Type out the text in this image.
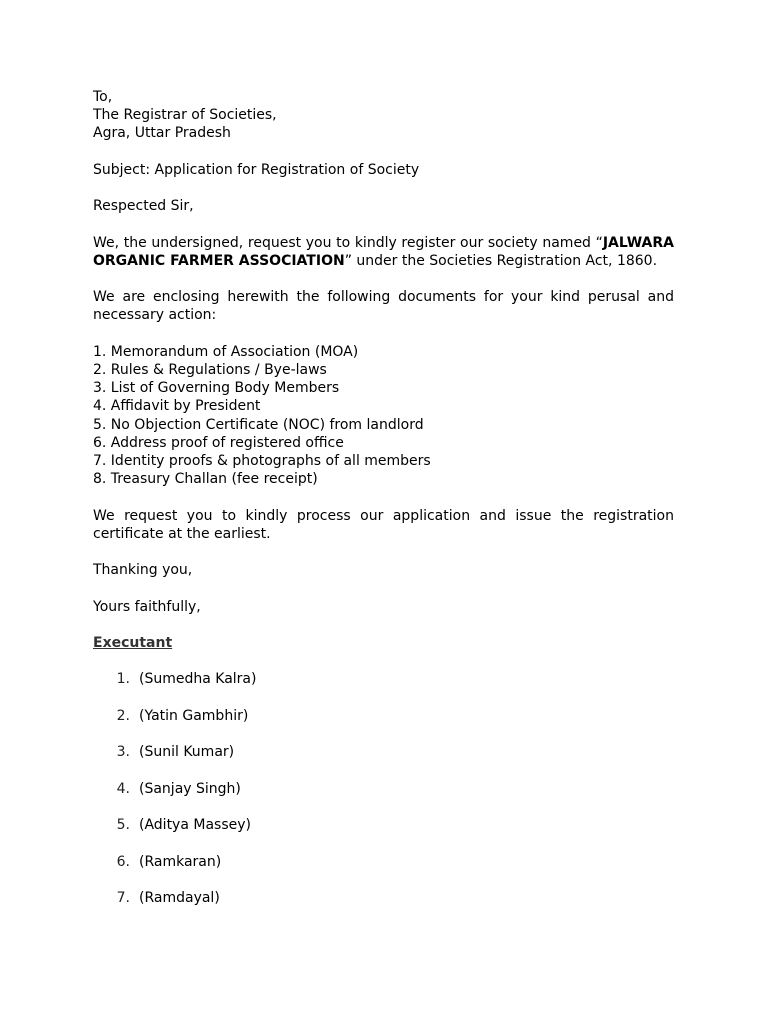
To,
The Registrar of Societies,
Agra, Uttar Pradesh
Subject: Application for Registration of Society
Respected Sir,
We, the undersigned, request you to kindly register our society named “JALWARA ORGANIC FARMER ASSOCIATION” under the Societies Registration Act, 1860.
We are enclosing herewith the following documents for your kind perusal and necessary action:
1. Memorandum of Association (MOA)
2. Rules & Regulations / Bye-laws
3. List of Governing Body Members
4. Affidavit by President
5. No Objection Certificate (NOC) from landlord
6. Address proof of registered office
7. Identity proofs & photographs of all members
8. Treasury Challan (fee receipt)
We request you to kindly process our application and issue the registration certificate at the earliest.
Thanking you,
Yours faithfully,
Executant
1. (Sumedha Kalra)
2. (Yatin Gambhir)
3. (Sunil Kumar)
4. (Sanjay Singh)
5. (Aditya Massey)
6. (Ramkaran)
7. (Ramdayal)
